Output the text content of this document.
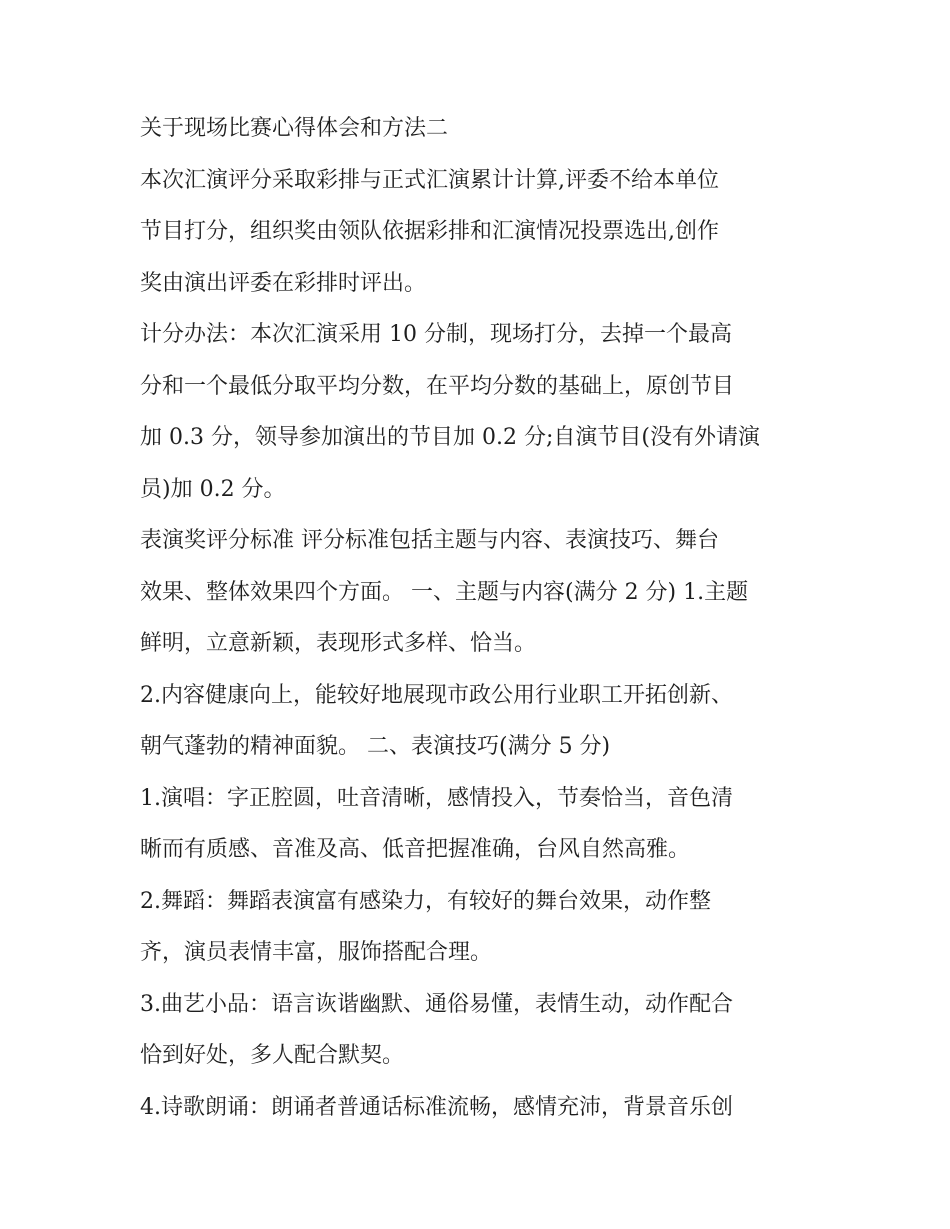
关于现场比赛心得体会和方法二
本次汇演评分采取彩排与正式汇演累计计算,评委不给本单位
节目打分，组织奖由领队依据彩排和汇演情况投票选出,创作
奖由演出评委在彩排时评出。
计分办法：本次汇演采用 10 分制，现场打分，去掉一个最高
分和一个最低分取平均分数，在平均分数的基础上，原创节目
加 0.3 分，领导参加演出的节目加 0.2 分;自演节目(没有外请演
员)加 0.2 分。
表演奖评分标准 评分标准包括主题与内容、表演技巧、舞台
效果、整体效果四个方面。 一、主题与内容(满分 2 分) 1.主题
鲜明，立意新颖，表现形式多样、恰当。
2.内容健康向上，能较好地展现市政公用行业职工开拓创新、
朝气蓬勃的精神面貌。 二、表演技巧(满分 5 分)
1.演唱：字正腔圆，吐音清晰，感情投入，节奏恰当，音色清
晰而有质感、音准及高、低音把握准确，台风自然高雅。
2.舞蹈：舞蹈表演富有感染力，有较好的舞台效果，动作整
齐，演员表情丰富，服饰搭配合理。
3.曲艺小品：语言诙谐幽默、通俗易懂，表情生动，动作配合
恰到好处，多人配合默契。
4.诗歌朗诵：朗诵者普通话标准流畅，感情充沛，背景音乐创
